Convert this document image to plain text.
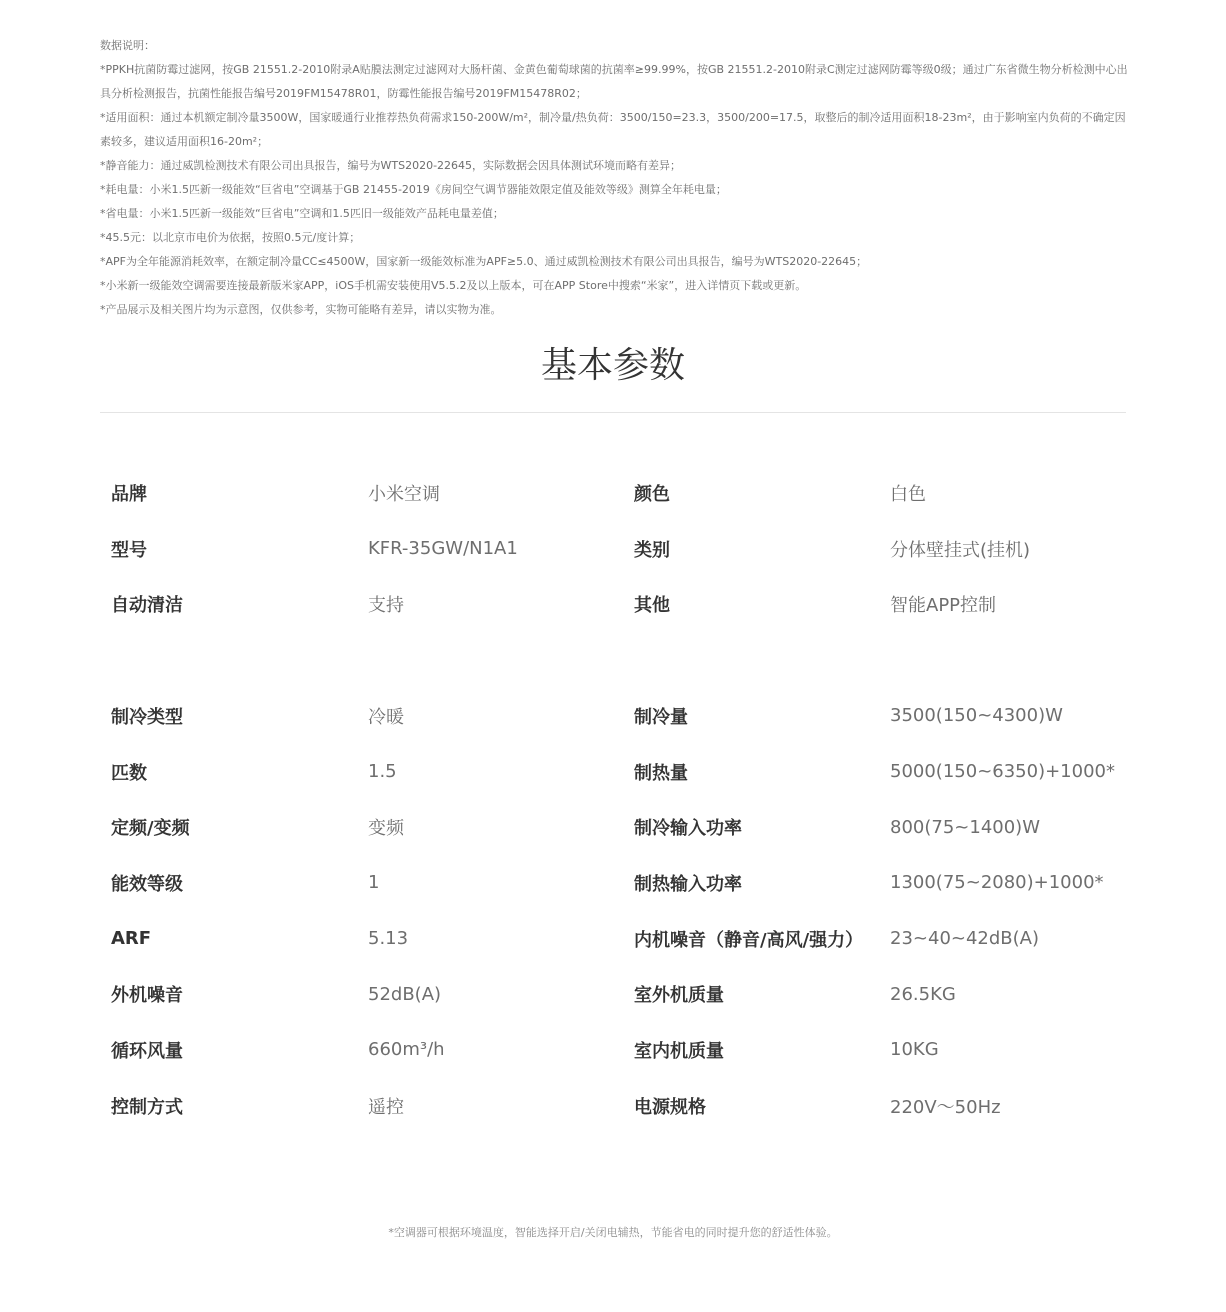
数据说明：

*PPKH抗菌防霉过滤网，按GB 21551.2-2010附录A贴膜法测定过滤网对大肠杆菌、金黄色葡萄球菌的抗菌率≥99.99%，按GB 21551.2-2010附录C测定过滤网防霉等级0级；通过广东省微生物分析检测中心出具分析检测报告，抗菌性能报告编号2019FM15478R01，防霉性能报告编号2019FM15478R02；

*适用面积：通过本机额定制冷量3500W，国家暖通行业推荐热负荷需求150-200W/m²，制冷量/热负荷：3500/150=23.3，3500/200=17.5，取整后的制冷适用面积18-23m²，由于影响室内负荷的不确定因素较多，建议适用面积16-20m²；

*静音能力：通过威凯检测技术有限公司出具报告，编号为WTS2020-22645，实际数据会因具体测试环境而略有差异；

*耗电量：小米1.5匹新一级能效“巨省电”空调基于GB 21455-2019《房间空气调节器能效限定值及能效等级》测算全年耗电量；

*省电量：小米1.5匹新一级能效“巨省电”空调和1.5匹旧一级能效产品耗电量差值；

*45.5元：以北京市电价为依据，按照0.5元/度计算；

*APF为全年能源消耗效率，在额定制冷量CC≤4500W，国家新一级能效标准为APF≥5.0、通过威凯检测技术有限公司出具报告，编号为WTS2020-22645；

*小米新一级能效空调需要连接最新版米家APP，iOS手机需安装使用V5.5.2及以上版本，可在APP Store中搜索“米家”，进入详情页下载或更新。

*产品展示及相关图片均为示意图，仅供参考，实物可能略有差异，请以实物为准。

基本参数
品牌	小米空调	颜色	白色
型号	KFR-35GW/N1A1	类别	分体壁挂式(挂机)
自动清洁	支持	其他	智能APP控制
制冷类型	冷暖	制冷量	3500(150~4300)W
匹数	1.5	制热量	5000(150~6350)+1000*
定频/变频	变频	制冷输入功率	800(75~1400)W
能效等级	1	制热输入功率	1300(75~2080)+1000*
ARF	5.13	内机噪音（静音/高风/强力）	23~40~42dB(A)
外机噪音	52dB(A)	室外机质量	26.5KG
循环风量	660m³/h	室内机质量	10KG
控制方式	遥控	电源规格	220V～50Hz

*空调器可根据环境温度，智能选择开启/关闭电辅热，节能省电的同时提升您的舒适性体验。
